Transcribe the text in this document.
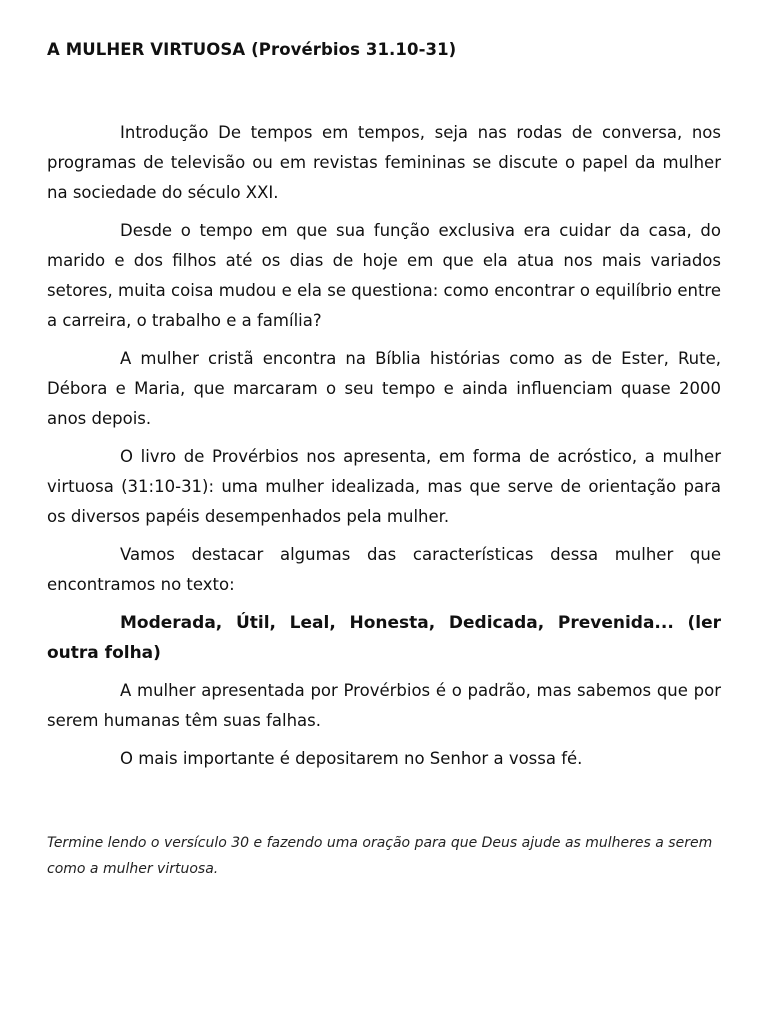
A MULHER VIRTUOSA (Provérbios 31.10-31)

Introdução De tempos em tempos, seja nas rodas de conversa, nos programas de televisão ou em revistas femininas se discute o papel da mulher na sociedade do século XXI.

Desde o tempo em que sua função exclusiva era cuidar da casa, do marido e dos filhos até os dias de hoje em que ela atua nos mais variados setores, muita coisa mudou e ela se questiona: como encontrar o equilíbrio entre a carreira, o trabalho e a família?

A mulher cristã encontra na Bíblia histórias como as de Ester, Rute, Débora e Maria, que marcaram o seu tempo e ainda influenciam quase 2000 anos depois.

O livro de Provérbios nos apresenta, em forma de acróstico, a mulher virtuosa (31:10-31): uma mulher idealizada, mas que serve de orientação para os diversos papéis desempenhados pela mulher.

Vamos destacar algumas das características dessa mulher que encontramos no texto:

Moderada, Útil, Leal, Honesta, Dedicada, Prevenida... (ler outra folha)

A mulher apresentada por Provérbios é o padrão, mas sabemos que por serem humanas têm suas falhas.

O mais importante é depositarem no Senhor a vossa fé.

Termine lendo o versículo 30 e fazendo uma oração para que Deus ajude as mulheres a serem como a mulher virtuosa.
